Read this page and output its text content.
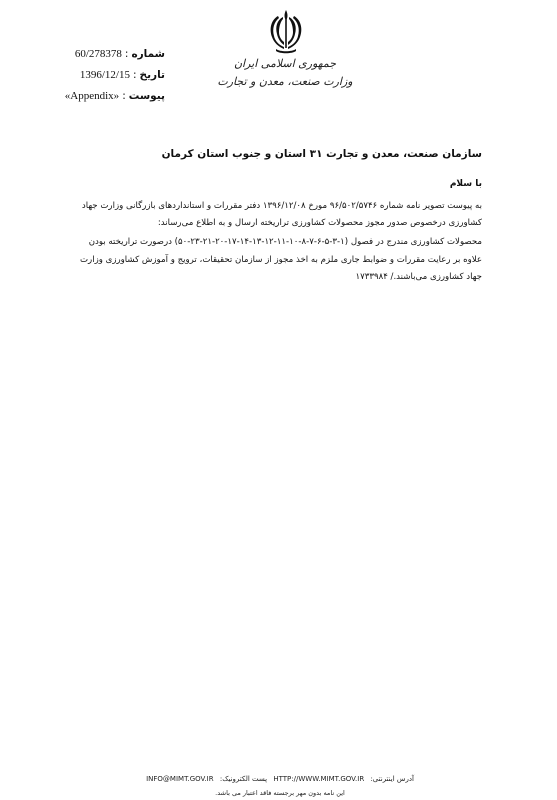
جمهوری اسلامی ایران
وزارت صنعت، معدن و تجارت
60/278378 : شماره
1396/12/15 : تاریخ
«Appendix» : پیوست
سازمان صنعت، معدن و تجارت ۳۱ استان و جنوب استان کرمان
با سلام

به پیوست تصویر نامه شماره ۹۶/۵۰۲/۵۷۴۶ مورخ ۱۳۹۶/۱۲/۰۸ دفتر مقررات و استانداردهای بازرگانی وزارت جهاد کشاورزی درخصوص صدور مجوز محصولات کشاورزی تراریخته ارسال و به اطلاع می‌رساند:

محصولات کشاورزی مندرج در فصول (۱-۳-۵-۶-۷-۸-۱۰-۱۱-۱۲-۱۳-۱۴-۱۷-۲۰-۲۱-۲۳-۵۰) درصورت تراریخته بودن علاوه بر رعایت مقررات و ضوابط جاری ملزم به اخذ مجوز از سازمان تحقیقات، ترویج و آموزش کشاورزی وزارت جهاد کشاورزی می‌باشند./ ۱۷۳۳۹۸۴

آدرس اینترنتی: HTTP://WWW.MIMT.GOV.IR پست الکترونیک: INFO@MIMT.GOV.IR
این نامه بدون مهر برجسته فاقد اعتبار می باشد.
